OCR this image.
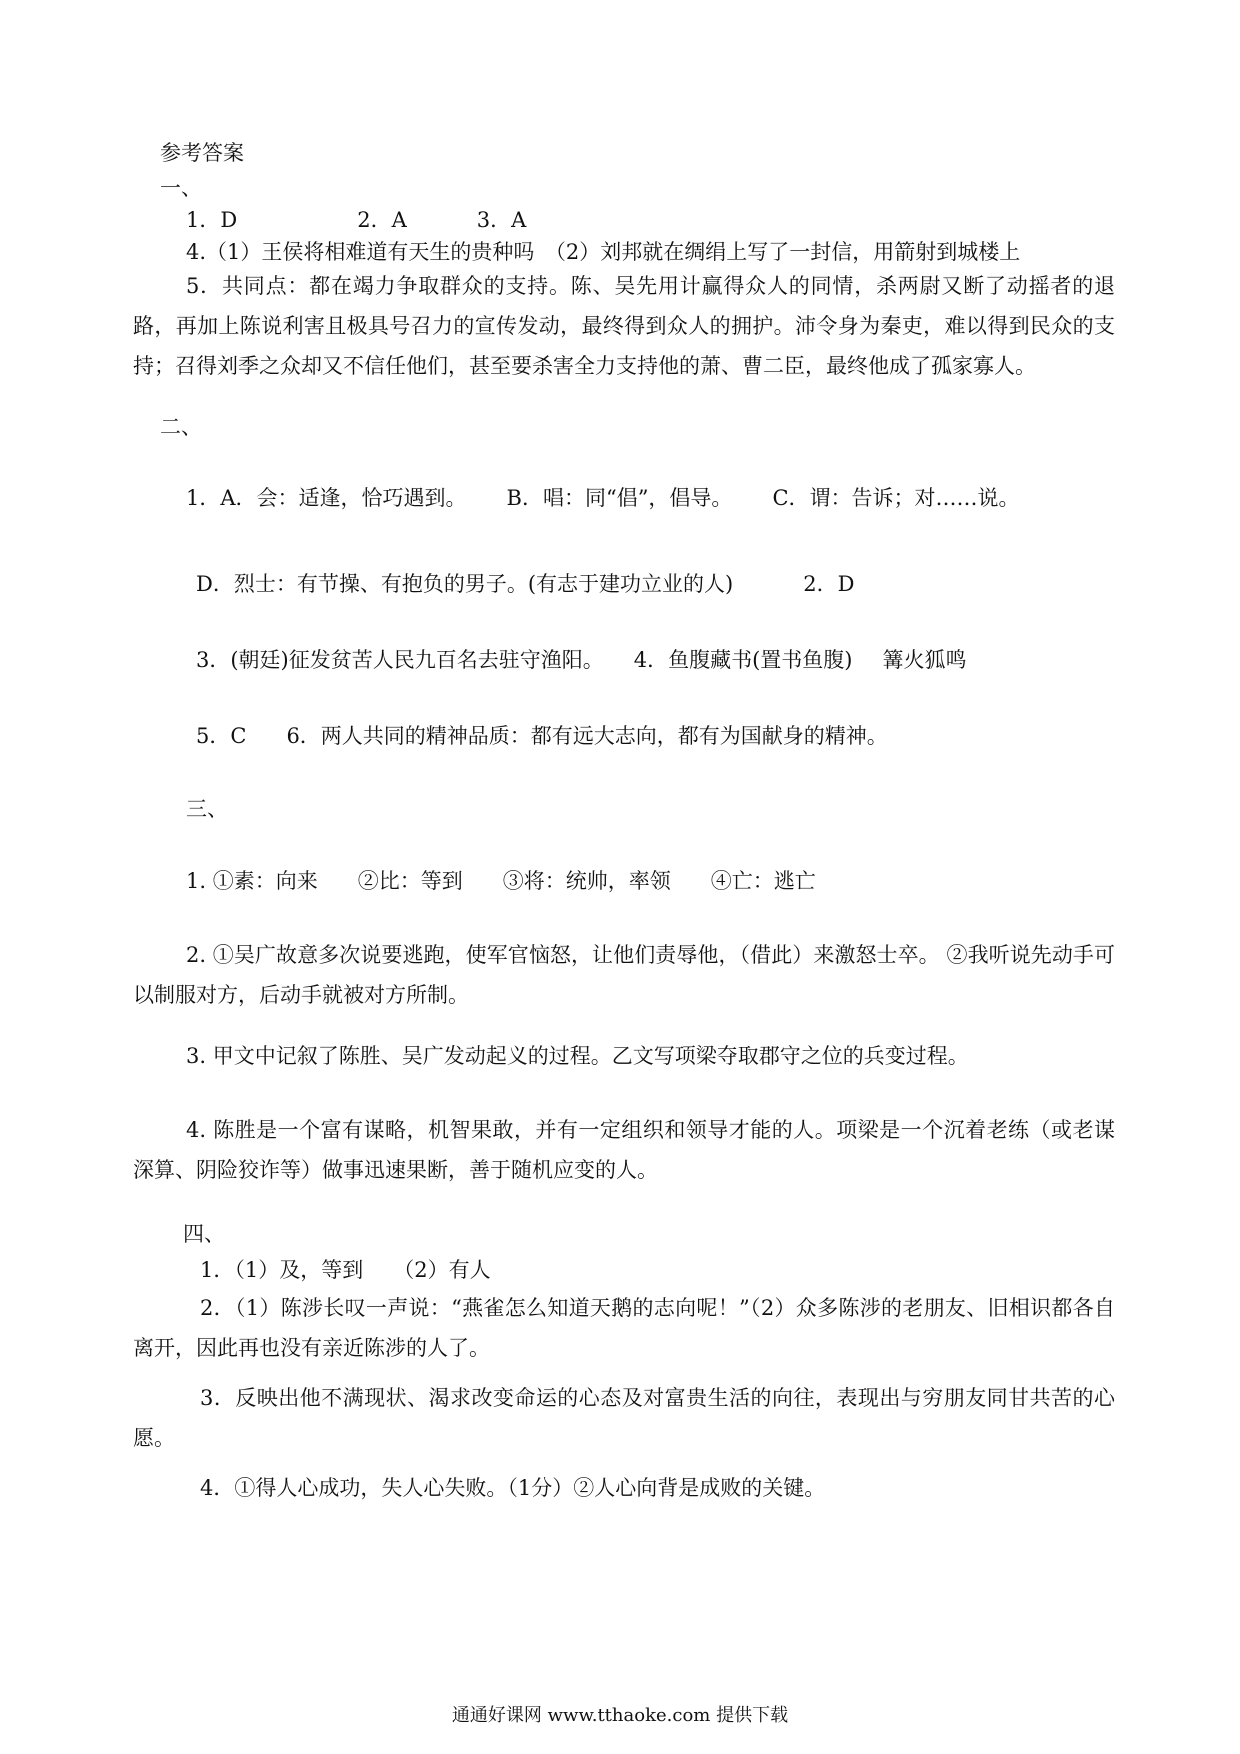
参考答案
一、
1．D	2．A	3．A
4.（1）王侯将相难道有天生的贵种吗　（2）刘邦就在绸绢上写了一封信，用箭射到城楼上
5．共同点：都在竭力争取群众的支持。陈、吴先用计赢得众人的同情，杀两尉又断了动摇者的退路，再加上陈说利害且极具号召力的宣传发动，最终得到众人的拥护。沛令身为秦吏，难以得到民众的支持；召得刘季之众却又不信任他们，甚至要杀害全力支持他的萧、曹二臣，最终他成了孤家寡人。
二、
1．A．会：适逢，恰巧遇到。 B．唱：同“倡”，倡导。 C．谓：告诉；对……说。
D．烈士：有节操、有抱负的男子。(有志于建功立业的人)	2．D
3．(朝廷)征发贫苦人民九百名去驻守渔阳。 4．鱼腹藏书(置书鱼腹) 篝火狐鸣
5．C 6．两人共同的精神品质：都有远大志向，都有为国献身的精神。
三、
1. ①素：向来 ②比：等到 ③将：统帅，率领 ④亡：逃亡
2. ①吴广故意多次说要逃跑，使军官恼怒，让他们责辱他，（借此）来激怒士卒。 ②我听说先动手可以制服对方，后动手就被对方所制。
3. 甲文中记叙了陈胜、吴广发动起义的过程。乙文写项梁夺取郡守之位的兵变过程。
4. 陈胜是一个富有谋略，机智果敢，并有一定组织和领导才能的人。项梁是一个沉着老练（或老谋深算、阴险狡诈等）做事迅速果断，善于随机应变的人。
四、
1．（1）及，等到 （2）有人
2．（1）陈涉长叹一声说：“燕雀怎么知道天鹅的志向呢！”（2）众多陈涉的老朋友、旧相识都各自离开，因此再也没有亲近陈涉的人了。
3．反映出他不满现状、渴求改变命运的心态及对富贵生活的向往，表现出与穷朋友同甘共苦的心愿。
4．①得人心成功，失人心失败。（1分）②人心向背是成败的关键。
通通好课网 www.tthaoke.com 提供下载
